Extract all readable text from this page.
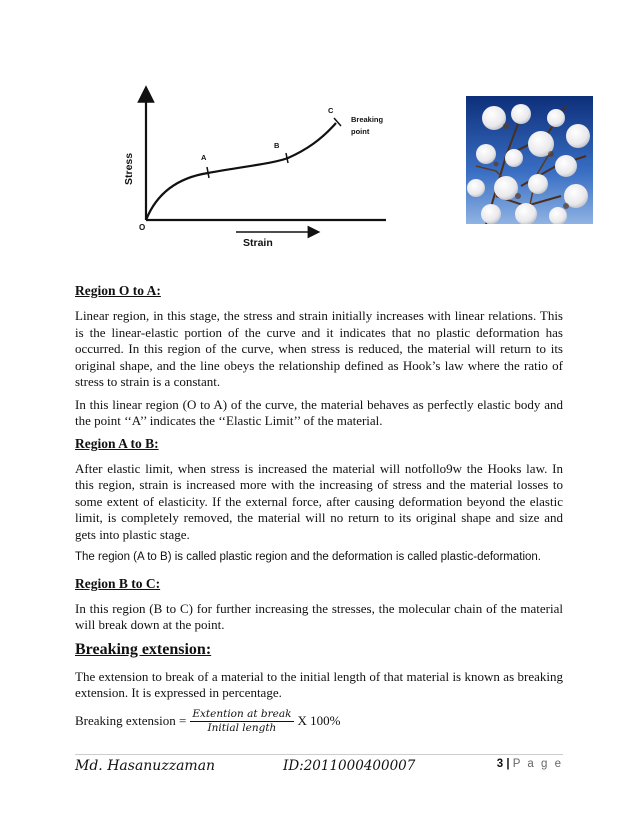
O
A
B
C
Breaking
point
Stress
Strain
Region O to A:

Linear region, in this stage, the stress and strain initially increases with linear relations. This is the linear-elastic portion of the curve and it indicates that no plastic deformation has occurred. In this region of the curve, when stress is reduced, the material will return to its original shape, and the line obeys the relationship defined as Hook’s law where the ratio of stress to strain is a constant.

In this linear region (O to A) of the curve, the material behaves as perfectly elastic body and the point ‘‘A’’ indicates the ‘‘Elastic Limit’’ of the material.

Region A to B:

After elastic limit, when stress is increased the material will notfollo9w the Hooks law. In this region, strain is increased more with the increasing of stress and the material losses to some extent of elasticity. If the external force, after causing deformation beyond the elastic limit, is completely removed, the material will no return to its original shape and size and gets into plastic stage.

The region (A to B) is called plastic region and the deformation is called plastic-deformation.

Region B to C:

In this region (B to C) for further increasing the stresses, the molecular chain of the material will break down at the point.

Breaking extension:

The extension to break of a material to the initial length of that material is known as breaking extension. It is expressed in percentage.

Breaking extension = $\frac{\text{Extention at break}}{\text{Initial length}}$ X 100%
Md. Hasanuzzaman	ID:2011000400007	3 | P a g e
